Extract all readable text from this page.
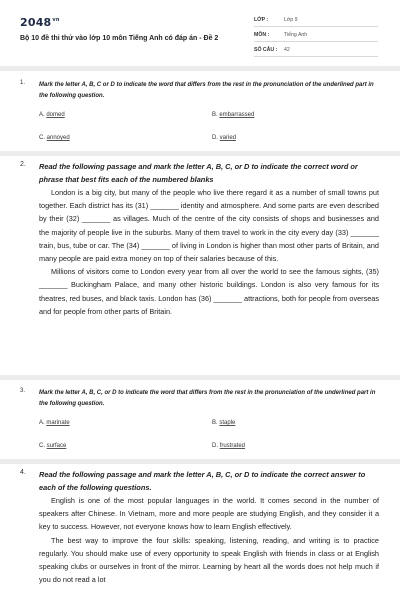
$2048^{vn}$
Bộ 10 đề thi thử vào lớp 10 môn Tiếng Anh có đáp án - Đề 2
LỚP :	Lớp 9
MÔN :	Tiếng Anh
SỐ CÂU : 42
1. Mark the letter A, B, C or D to indicate the word that differs from the rest in the pronunciation of the underlined part in the following question.
A. domed	B. embarrassed
C. annoyed	D. varied
2. Read the following passage and mark the letter A, B, C, or D to indicate the correct word or phrase that best fits each of the numbered blanks

London is a big city, but many of the people who live there regard it as a number of small towns put together. Each district has its (31) _______ identity and atmosphere. And some parts are even described by their (32) _______ as villages. Much of the centre of the city consists of shops and businesses and the majority of people live in the suburbs. Many of them travel to work in the city every day (33) _______ train, bus, tube or car. The (34) _______ of living in London is higher than most other parts of Britain, and many people are paid extra money on top of their salaries because of this.

Millions of visitors come to London every year from all over the world to see the famous sights, (35) _______ Buckingham Palace, and many other historic buildings. London is also very famous for its theatres, red buses, and black taxis. London has (36) _______ attractions, both for people from overseas and for people from other parts of Britain.

3. Mark the letter A, B, C, or D to indicate the word that differs from the rest in the pronunciation of the underlined part in the following question.
A. marinate	B. staple
C. surface	D. frustrated
4. Read the following passage and mark the letter A, B, C, or D to indicate the correct answer to each of the following questions.

English is one of the most popular languages in the world. It comes second in the number of speakers after Chinese. In Vietnam, more and more people are studying English, and they consider it a key to success. However, not everyone knows how to learn English effectively.

The best way to improve the four skills: speaking, listening, reading, and writing is to practice regularly. You should make use of every opportunity to speak English with friends in class or at English speaking clubs or ourselves in front of the mirror. Learning by heart all the words does not help much if you do not read a lot
